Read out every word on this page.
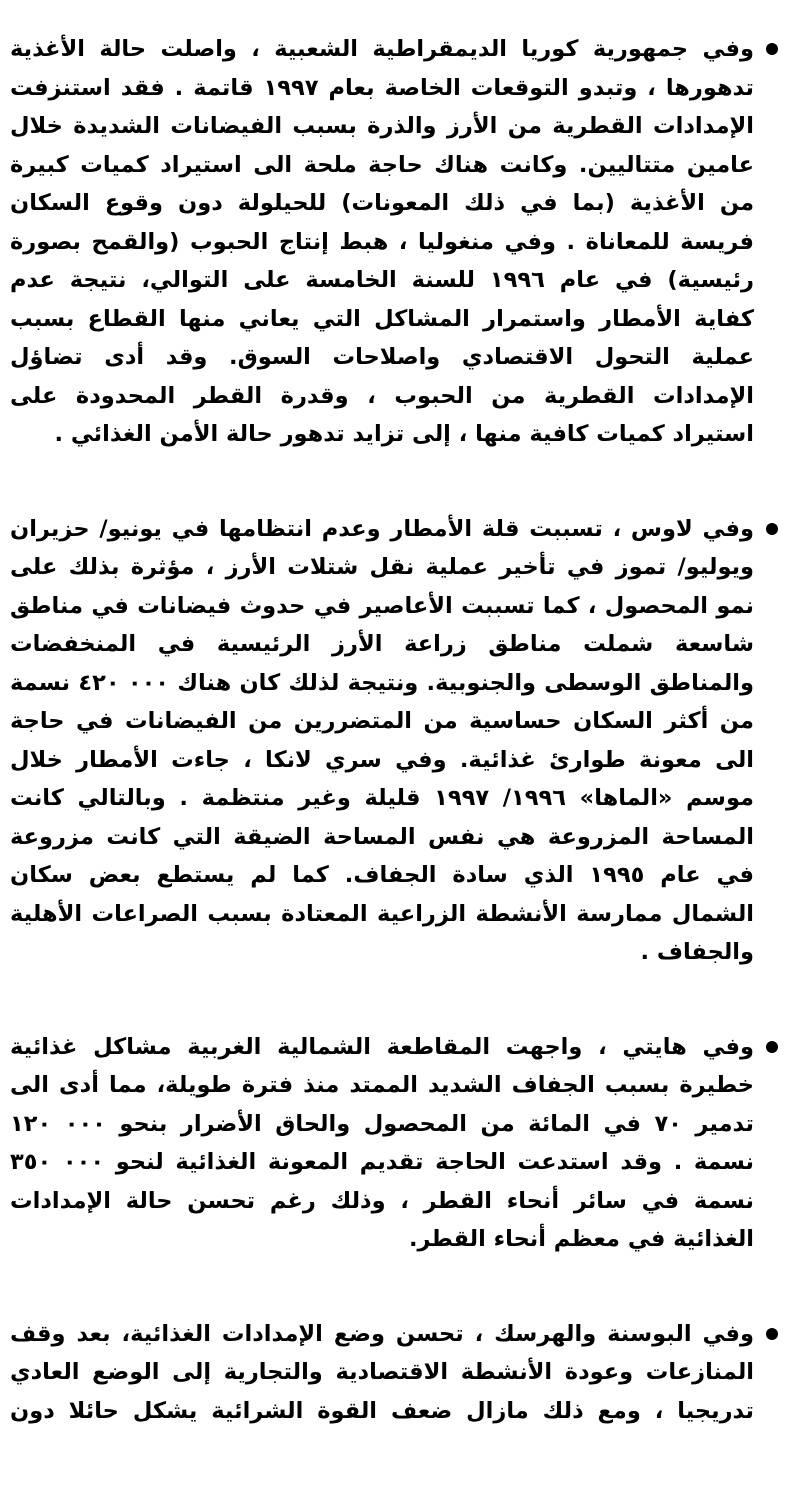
وفي جمهورية كوريا الديمقراطية الشعبية ، واصلت حالة الأغذية تدهورها ، وتبدو التوقعات الخاصة بعام ١٩٩٧ قاتمة . فقد استنزفت الإمدادات القطرية من الأرز والذرة بسبب الفيضانات الشديدة خلال عامين متتاليين. وكانت هناك حاجة ملحة الى استيراد كميات كبيرة من الأغذية (بما في ذلك المعونات) للحيلولة دون وقوع السكان فريسة للمعاناة . وفي منغوليا ، هبط إنتاج الحبوب (والقمح بصورة رئيسية) في عام ١٩٩٦ للسنة الخامسة على التوالي، نتيجة عدم كفاية الأمطار واستمرار المشاكل التي يعاني منها القطاع بسبب عملية التحول الاقتصادي واصلاحات السوق. وقد أدى تضاؤل الإمدادات القطرية من الحبوب ، وقدرة القطر المحدودة على استيراد كميات كافية منها ، إلى تزايد تدهور حالة الأمن الغذائي .

وفي لاوس ، تسببت قلة الأمطار وعدم انتظامها في يونيو/ حزيران ويوليو/ تموز في تأخير عملية نقل شتلات الأرز ، مؤثرة بذلك على نمو المحصول ، كما تسببت الأعاصير في حدوث فيضانات في مناطق شاسعة شملت مناطق زراعة الأرز الرئيسية في المنخفضات والمناطق الوسطى والجنوبية. ونتيجة لذلك كان هناك ٠٠٠ ٤٢٠ نسمة من أكثر السكان حساسية من المتضررين من الفيضانات في حاجة الى معونة طوارئ غذائية. وفي سري لانكا ، جاءت الأمطار خلال موسم «الماها» ١٩٩٦/ ١٩٩٧ قليلة وغير منتظمة . وبالتالي كانت المساحة المزروعة هي نفس المساحة الضيقة التي كانت مزروعة في عام ١٩٩٥ الذي سادة الجفاف. كما لم يستطع بعض سكان الشمال ممارسة الأنشطة الزراعية المعتادة بسبب الصراعات الأهلية والجفاف .

وفي هايتي ، واجهت المقاطعة الشمالية الغربية مشاكل غذائية خطيرة بسبب الجفاف الشديد الممتد منذ فترة طويلة، مما أدى الى تدمير ٧٠ في المائة من المحصول والحاق الأضرار بنحو ٠٠٠ ١٢٠ نسمة . وقد استدعت الحاجة تقديم المعونة الغذائية لنحو ٠٠٠ ٣٥٠ نسمة في سائر أنحاء القطر ، وذلك رغم تحسن حالة الإمدادات الغذائية في معظم أنحاء القطر.

وفي البوسنة والهرسك ، تحسن وضع الإمدادات الغذائية، بعد وقف المنازعات وعودة الأنشطة الاقتصادية والتجارية إلى الوضع العادي تدريجيا ، ومع ذلك مازال ضعف القوة الشرائية يشكل حائلا دون
